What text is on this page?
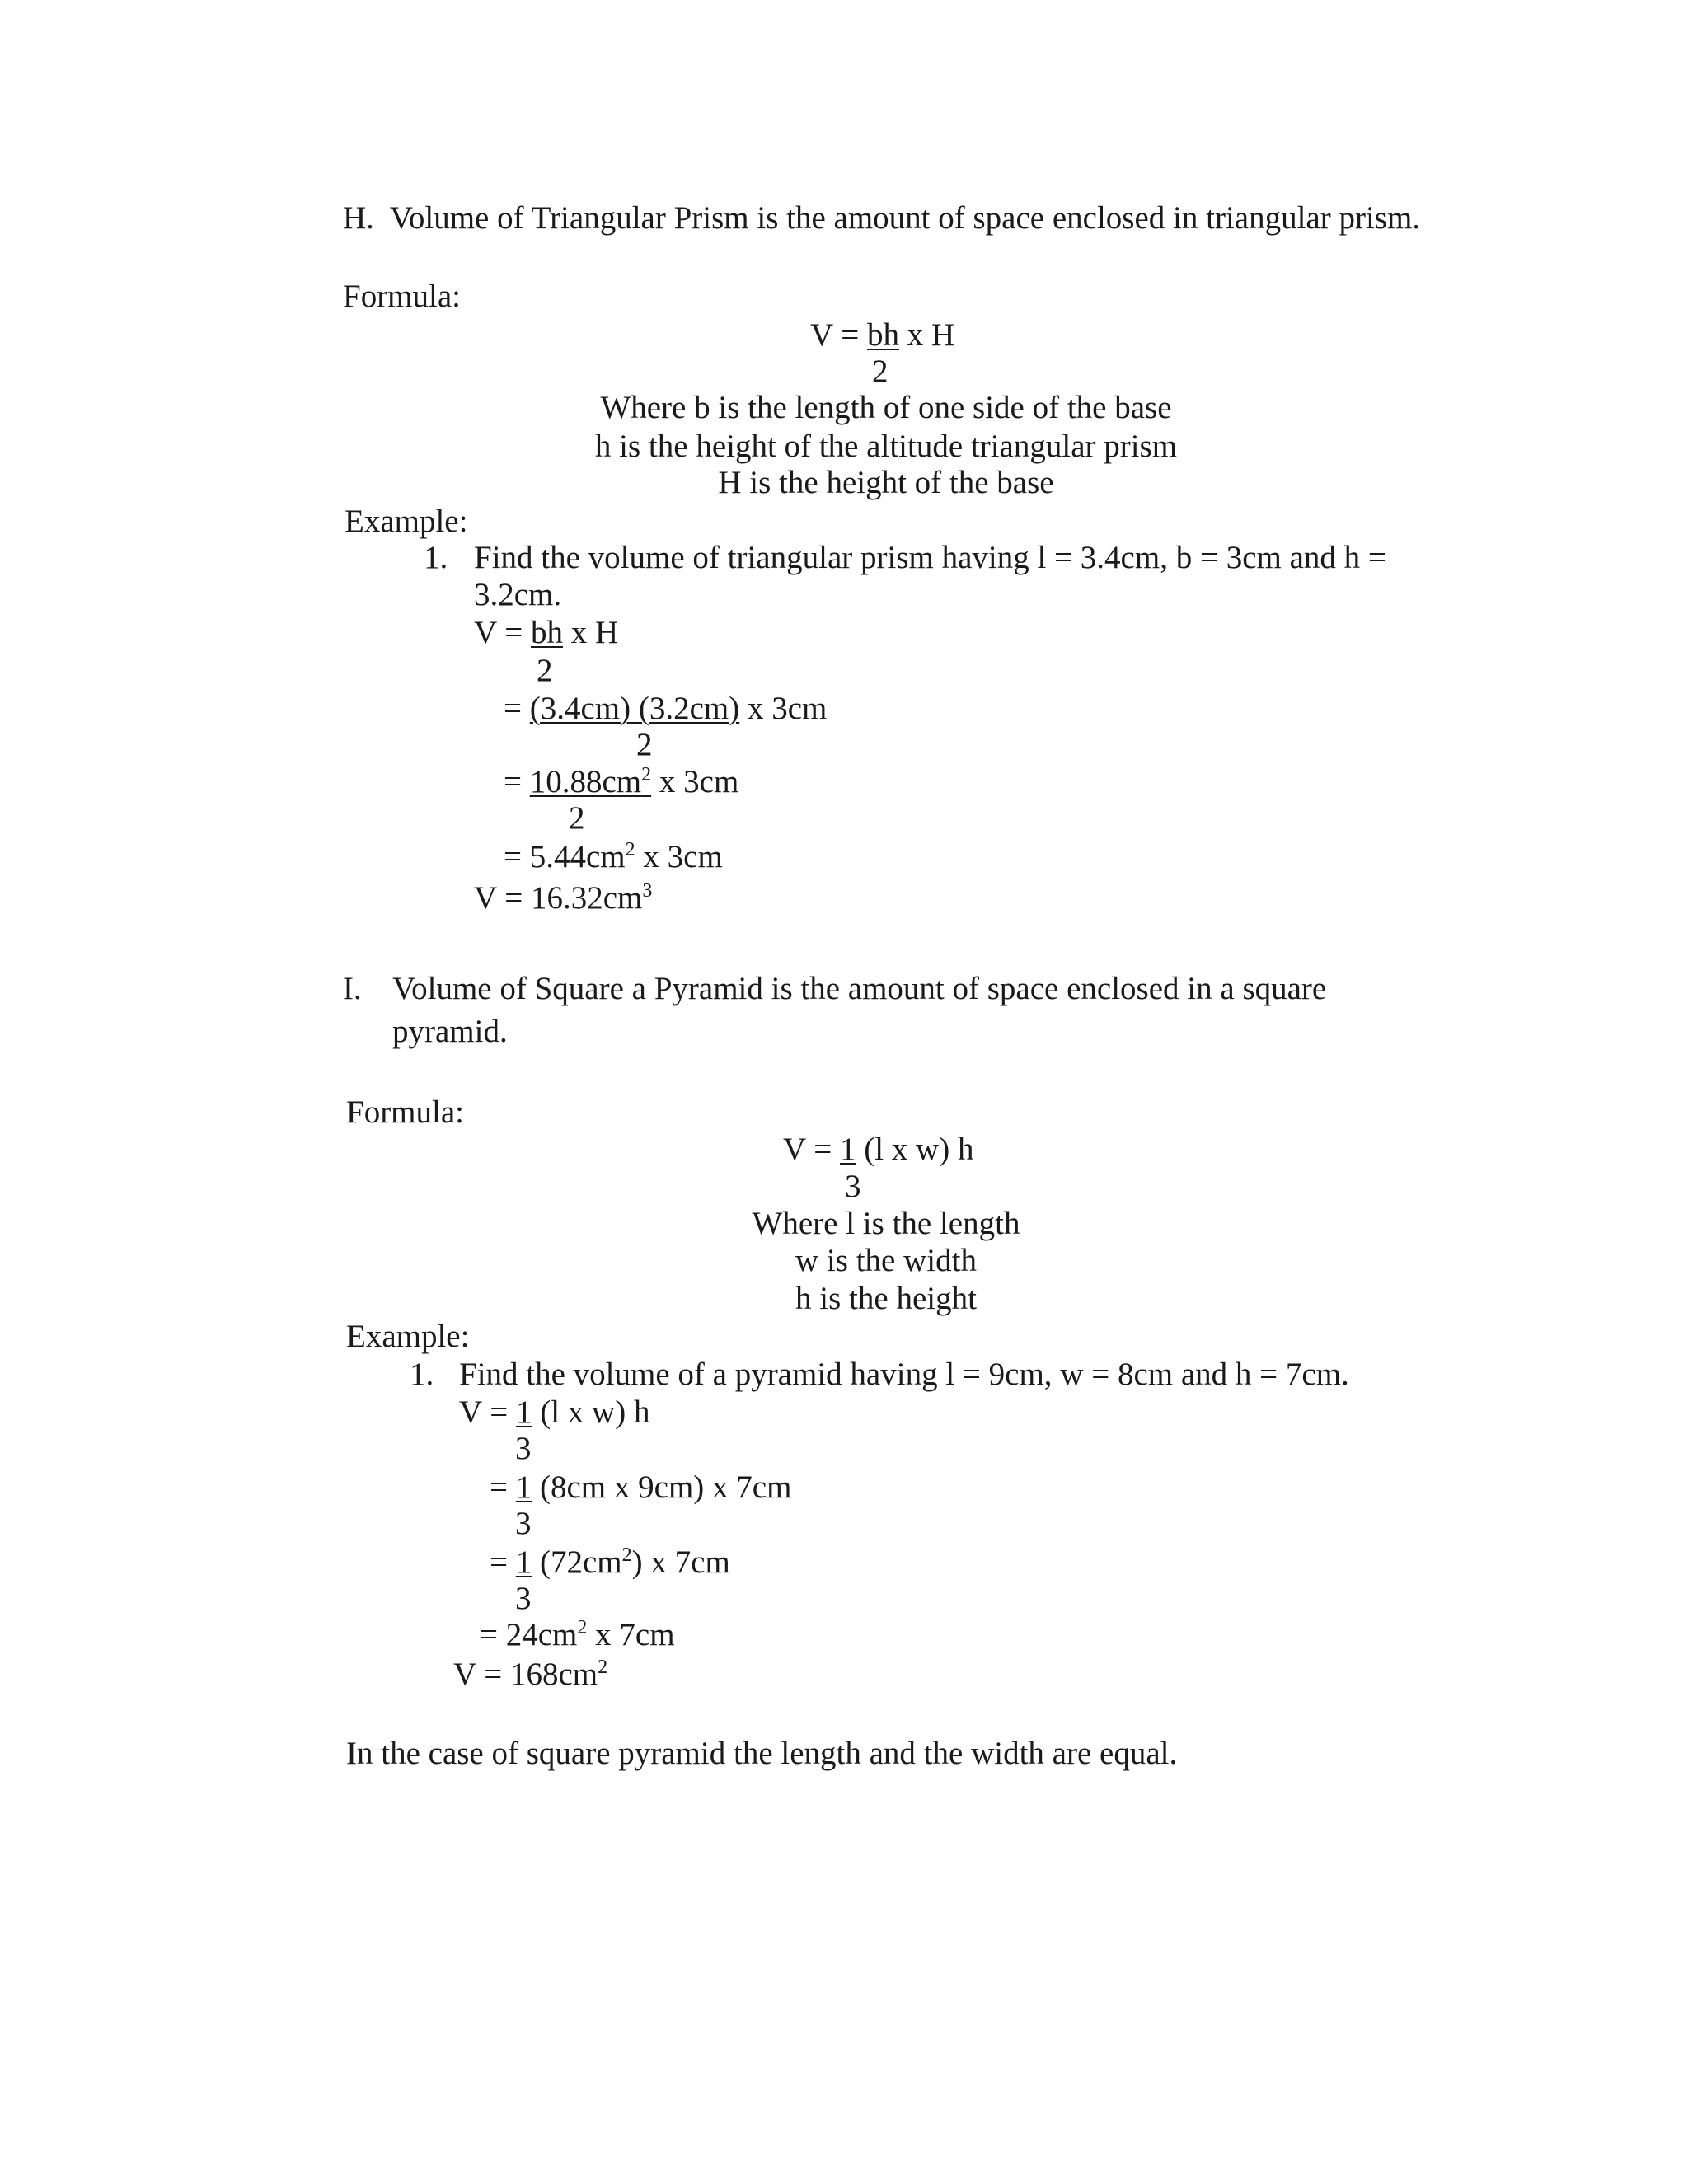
H. Volume of Triangular Prism is the amount of space enclosed in triangular prism.
Formula:
V = bh x H
2
Where b is the length of one side of the base
h is the height of the altitude triangular prism
H is the height of the base
Example:
1. Find the volume of triangular prism having l = 3.4cm, b = 3cm and h =
3.2cm.
V = bh x H
2
= (3.4cm) (3.2cm) x 3cm
2
= $10.88cm^2$ x 3cm
2
= $5.44cm^2$ x 3cm
$V = 16.32cm^3$
I. Volume of Square a Pyramid is the amount of space enclosed in a square
pyramid.
Formula:
V = 1 (l x w) h
3
Where l is the length
w is the width
h is the height
Example:
1. Find the volume of a pyramid having l = 9cm, w = 8cm and h = 7cm.
V = 1 (l x w) h
3
= 1 (8cm x 9cm) x 7cm
3
= 1 $(72cm^2)$ x 7cm
3
= $24cm^2$ x 7cm
$V = 168cm^2$
In the case of square pyramid the length and the width are equal.
